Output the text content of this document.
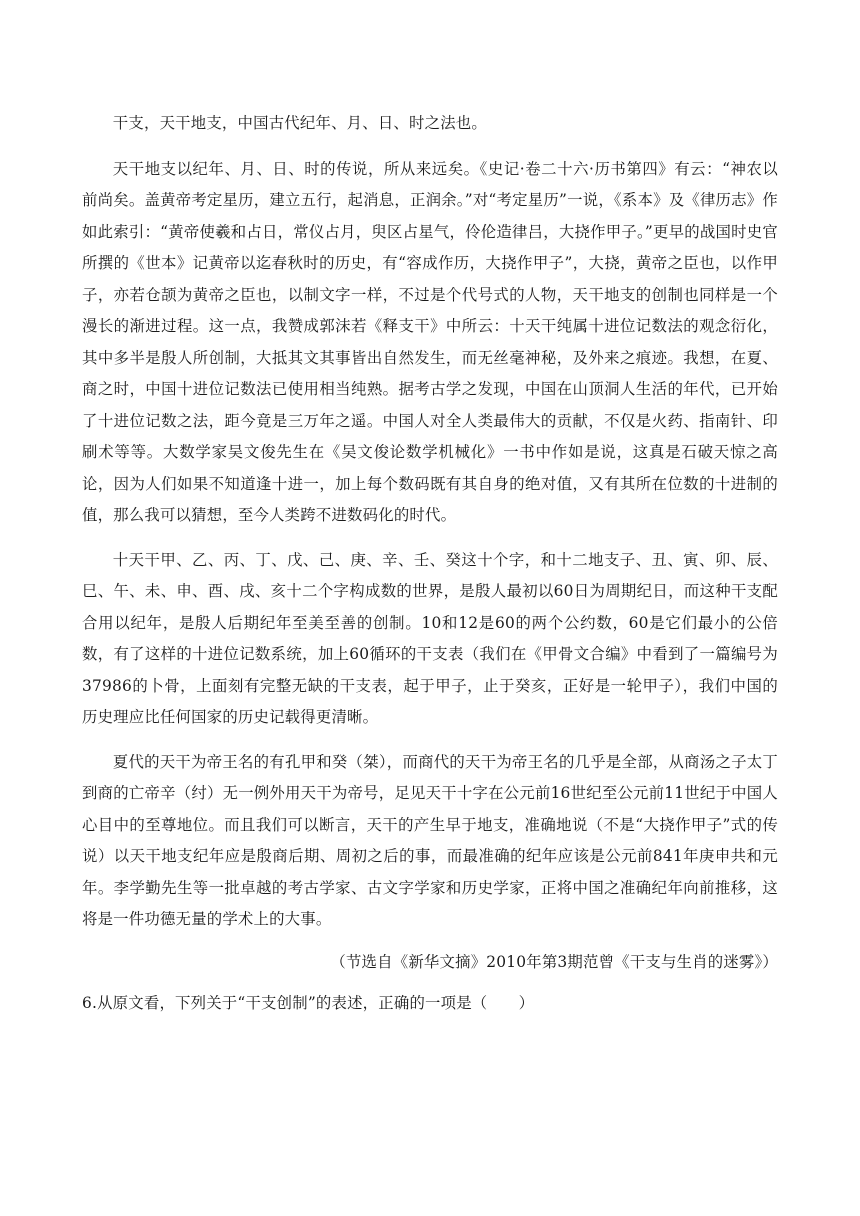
干支，天干地支，中国古代纪年、月、日、时之法也。

天干地支以纪年、月、日、时的传说，所从来远矣。《史记·卷二十六·历书第四》有云：“神农以前尚矣。盖黄帝考定星历，建立五行，起消息，正润余。”对“考定星历”一说，《系本》及《律历志》作如此索引：“黄帝使羲和占日，常仪占月，臾区占星气，伶伦造律吕，大挠作甲子。”更早的战国时史官所撰的《世本》记黄帝以迄春秋时的历史，有“容成作历，大挠作甲子”，大挠，黄帝之臣也，以作甲子，亦若仓颉为黄帝之臣也，以制文字一样，不过是个代号式的人物，天干地支的创制也同样是一个漫长的渐进过程。这一点，我赞成郭沫若《释支干》中所云：十天干纯属十进位记数法的观念衍化，其中多半是殷人所创制，大抵其文其事皆出自然发生，而无丝毫神秘，及外来之痕迹。我想，在夏、商之时，中国十进位记数法已使用相当纯熟。据考古学之发现，中国在山顶洞人生活的年代，已开始了十进位记数之法，距今竟是三万年之遥。中国人对全人类最伟大的贡献，不仅是火药、指南针、印刷术等等。大数学家吴文俊先生在《吴文俊论数学机械化》一书中作如是说，这真是石破天惊之高论，因为人们如果不知道逢十进一，加上每个数码既有其自身的绝对值，又有其所在位数的十进制的值，那么我可以猜想，至今人类跨不进数码化的时代。

十天干甲、乙、丙、丁、戊、己、庚、辛、壬、癸这十个字，和十二地支子、丑、寅、卯、辰、巳、午、未、申、酉、戌、亥十二个字构成数的世界，是殷人最初以60日为周期纪日，而这种干支配合用以纪年，是殷人后期纪年至美至善的创制。10和12是60的两个公约数，60是它们最小的公倍数，有了这样的十进位记数系统，加上60循环的干支表（我们在《甲骨文合编》中看到了一篇编号为37986的卜骨，上面刻有完整无缺的干支表，起于甲子，止于癸亥，正好是一轮甲子），我们中国的历史理应比任何国家的历史记载得更清晰。

夏代的天干为帝王名的有孔甲和癸（桀），而商代的天干为帝王名的几乎是全部，从商汤之子太丁到商的亡帝辛（纣）无一例外用天干为帝号，足见天干十字在公元前16世纪至公元前11世纪于中国人心目中的至尊地位。而且我们可以断言，天干的产生早于地支，准确地说（不是“大挠作甲子”式的传说）以天干地支纪年应是殷商后期、周初之后的事，而最准确的纪年应该是公元前841年庚申共和元年。李学勤先生等一批卓越的考古学家、古文字学家和历史学家，正将中国之准确纪年向前推移，这将是一件功德无量的学术上的大事。

（节选自《新华文摘》2010年第3期范曾《干支与生肖的迷雾》）

6.从原文看，下列关于“干支创制”的表述，正确的一项是（　　）
